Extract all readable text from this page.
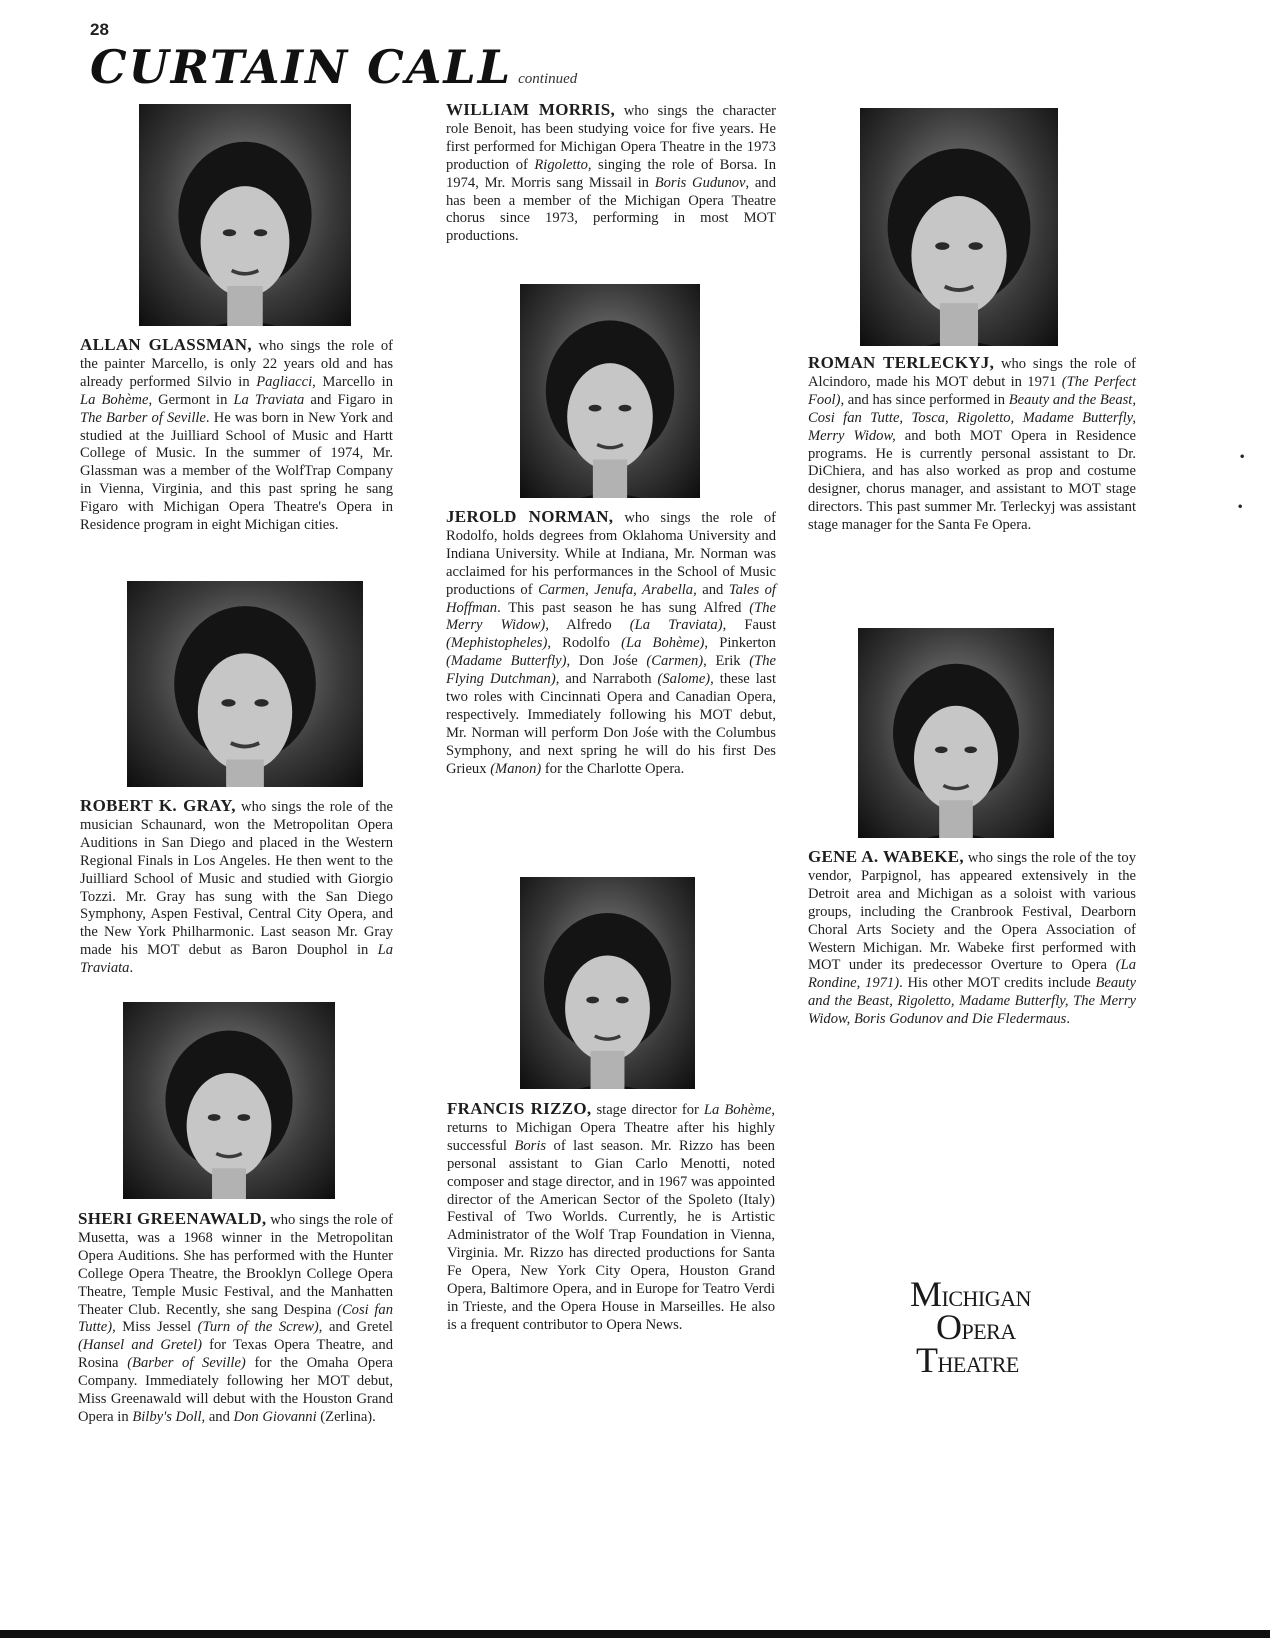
28
CURTAIN CALL continued

ALLAN GLASSMAN, who sings the role of the painter Marcello, is only 22 years old and has already performed Silvio in Pagliacci, Marcello in La Bohème, Germont in La Traviata and Figaro in The Barber of Seville. He was born in New York and studied at the Juilliard School of Music and Hartt College of Music. In the summer of 1974, Mr. Glassman was a member of the WolfTrap Company in Vienna, Virginia, and this past spring he sang Figaro with Michigan Opera Theatre's Opera in Residence program in eight Michigan cities.

ROBERT K. GRAY, who sings the role of the musician Schaunard, won the Metropolitan Opera Auditions in San Diego and placed in the Western Regional Finals in Los Angeles. He then went to the Juilliard School of Music and studied with Giorgio Tozzi. Mr. Gray has sung with the San Diego Symphony, Aspen Festival, Central City Opera, and the New York Philharmonic. Last season Mr. Gray made his MOT debut as Baron Douphol in La Traviata.

SHERI GREENAWALD, who sings the role of Musetta, was a 1968 winner in the Metropolitan Opera Auditions. She has performed with the Hunter College Opera Theatre, the Brooklyn College Opera Theatre, Temple Music Festival, and the Manhatten Theater Club. Recently, she sang Despina (Cosi fan Tutte), Miss Jessel (Turn of the Screw), and Gretel (Hansel and Gretel) for Texas Opera Theatre, and Rosina (Barber of Seville) for the Omaha Opera Company. Immediately following her MOT debut, Miss Greenawald will debut with the Houston Grand Opera in Bilby's Doll, and Don Giovanni (Zerlina).

WILLIAM MORRIS, who sings the character role Benoit, has been studying voice for five years. He first performed for Michigan Opera Theatre in the 1973 production of Rigoletto, singing the role of Borsa. In 1974, Mr. Morris sang Missail in Boris Gudunov, and has been a member of the Michigan Opera Theatre chorus since 1973, performing in most MOT productions.

JEROLD NORMAN, who sings the role of Rodolfo, holds degrees from Oklahoma University and Indiana University. While at Indiana, Mr. Norman was acclaimed for his performances in the School of Music productions of Carmen, Jenufa, Arabella, and Tales of Hoffman. This past season he has sung Alfred (The Merry Widow), Alfredo (La Traviata), Faust (Mephistopheles), Rodolfo (La Bohème), Pinkerton (Madame Butterfly), Don Jośe (Carmen), Erik (The Flying Dutchman), and Narraboth (Salome), these last two roles with Cincinnati Opera and Canadian Opera, respectively. Immediately following his MOT debut, Mr. Norman will perform Don Jośe with the Columbus Symphony, and next spring he will do his first Des Grieux (Manon) for the Charlotte Opera.

FRANCIS RIZZO, stage director for La Bohème, returns to Michigan Opera Theatre after his highly successful Boris of last season. Mr. Rizzo has been personal assistant to Gian Carlo Menotti, noted composer and stage director, and in 1967 was appointed director of the American Sector of the Spoleto (Italy) Festival of Two Worlds. Currently, he is Artistic Administrator of the Wolf Trap Foundation in Vienna, Virginia. Mr. Rizzo has directed productions for Santa Fe Opera, New York City Opera, Houston Grand Opera, Baltimore Opera, and in Europe for Teatro Verdi in Trieste, and the Opera House in Marseilles. He also is a frequent contributor to Opera News.

ROMAN TERLECKYJ, who sings the role of Alcindoro, made his MOT debut in 1971 (The Perfect Fool), and has since performed in Beauty and the Beast, Cosi fan Tutte, Tosca, Rigoletto, Madame Butterfly, Merry Widow, and both MOT Opera in Residence programs. He is currently personal assistant to Dr. DiChiera, and has also worked as prop and costume designer, chorus manager, and assistant to MOT stage directors. This past summer Mr. Terleckyj was assistant stage manager for the Santa Fe Opera.

GENE A. WABEKE, who sings the role of the toy vendor, Parpignol, has appeared extensively in the Detroit area and Michigan as a soloist with various groups, including the Cranbrook Festival, Dearborn Choral Arts Society and the Opera Association of Western Michigan. Mr. Wabeke first performed with MOT under its predecessor Overture to Opera (La Rondine, 1971). His other MOT credits include Beauty and the Beast, Rigoletto, Madame Butterfly, The Merry Widow, Boris Godunov and Die Fledermaus.

·
·
MICHIGAN
OPERA
THEATRE
